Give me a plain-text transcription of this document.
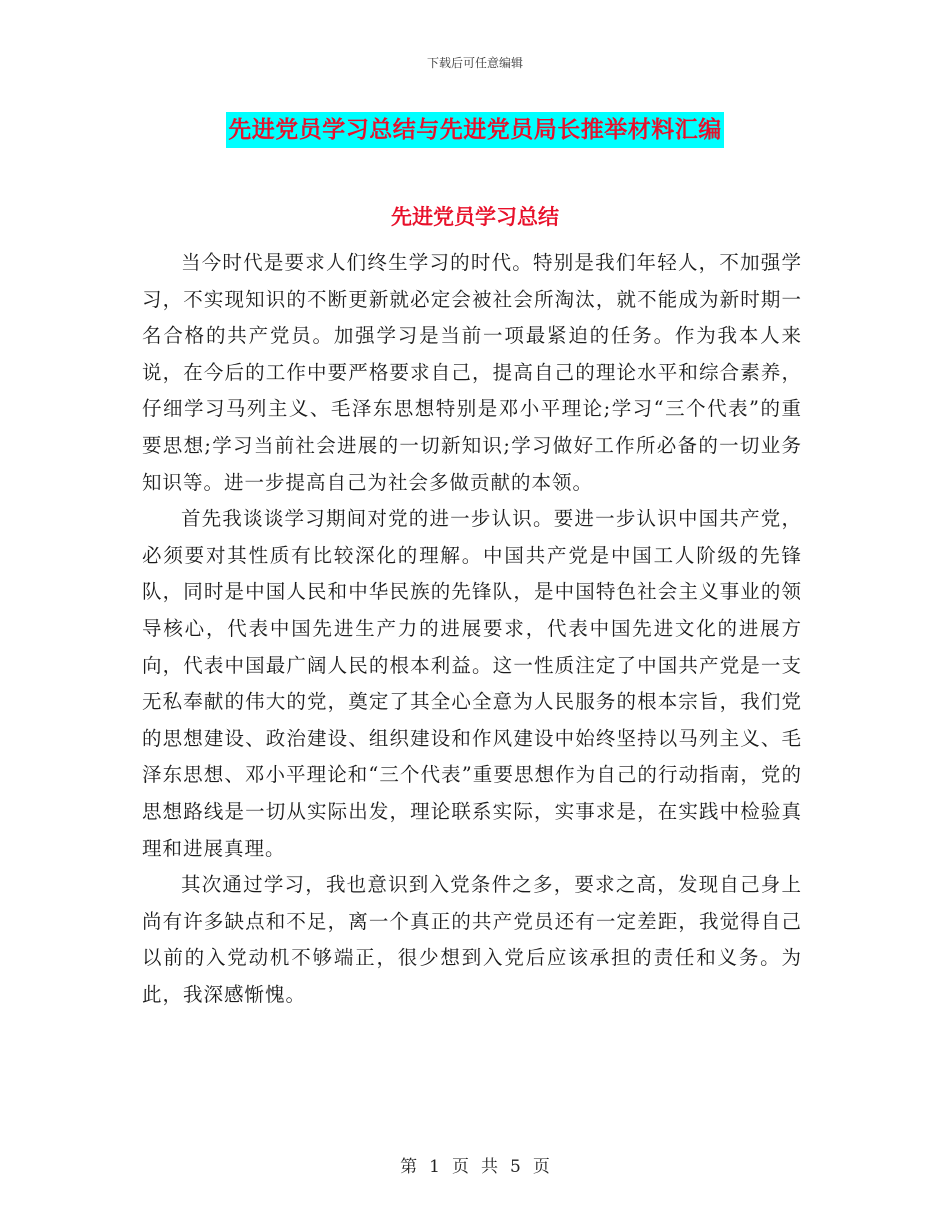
下载后可任意编辑
先进党员学习总结与先进党员局长推举材料汇编
先进党员学习总结

当今时代是要求人们终生学习的时代。特别是我们年轻人，不加强学习，不实现知识的不断更新就必定会被社会所淘汰，就不能成为新时期一名合格的共产党员。加强学习是当前一项最紧迫的任务。作为我本人来说，在今后的工作中要严格要求自己，提高自己的理论水平和综合素养，仔细学习马列主义、毛泽东思想特别是邓小平理论;学习“三个代表”的重要思想;学习当前社会进展的一切新知识;学习做好工作所必备的一切业务知识等。进一步提高自己为社会多做贡献的本领。

首先我谈谈学习期间对党的进一步认识。要进一步认识中国共产党，必须要对其性质有比较深化的理解。中国共产党是中国工人阶级的先锋队，同时是中国人民和中华民族的先锋队，是中国特色社会主义事业的领导核心，代表中国先进生产力的进展要求，代表中国先进文化的进展方向，代表中国最广阔人民的根本利益。这一性质注定了中国共产党是一支无私奉献的伟大的党，奠定了其全心全意为人民服务的根本宗旨，我们党的思想建设、政治建设、组织建设和作风建设中始终坚持以马列主义、毛泽东思想、邓小平理论和“三个代表”重要思想作为自己的行动指南，党的思想路线是一切从实际出发，理论联系实际，实事求是，在实践中检验真理和进展真理。

其次通过学习，我也意识到入党条件之多，要求之高，发现自己身上尚有许多缺点和不足，离一个真正的共产党员还有一定差距，我觉得自己以前的入党动机不够端正，很少想到入党后应该承担的责任和义务。为此，我深感惭愧。

第 1 页 共 5 页
